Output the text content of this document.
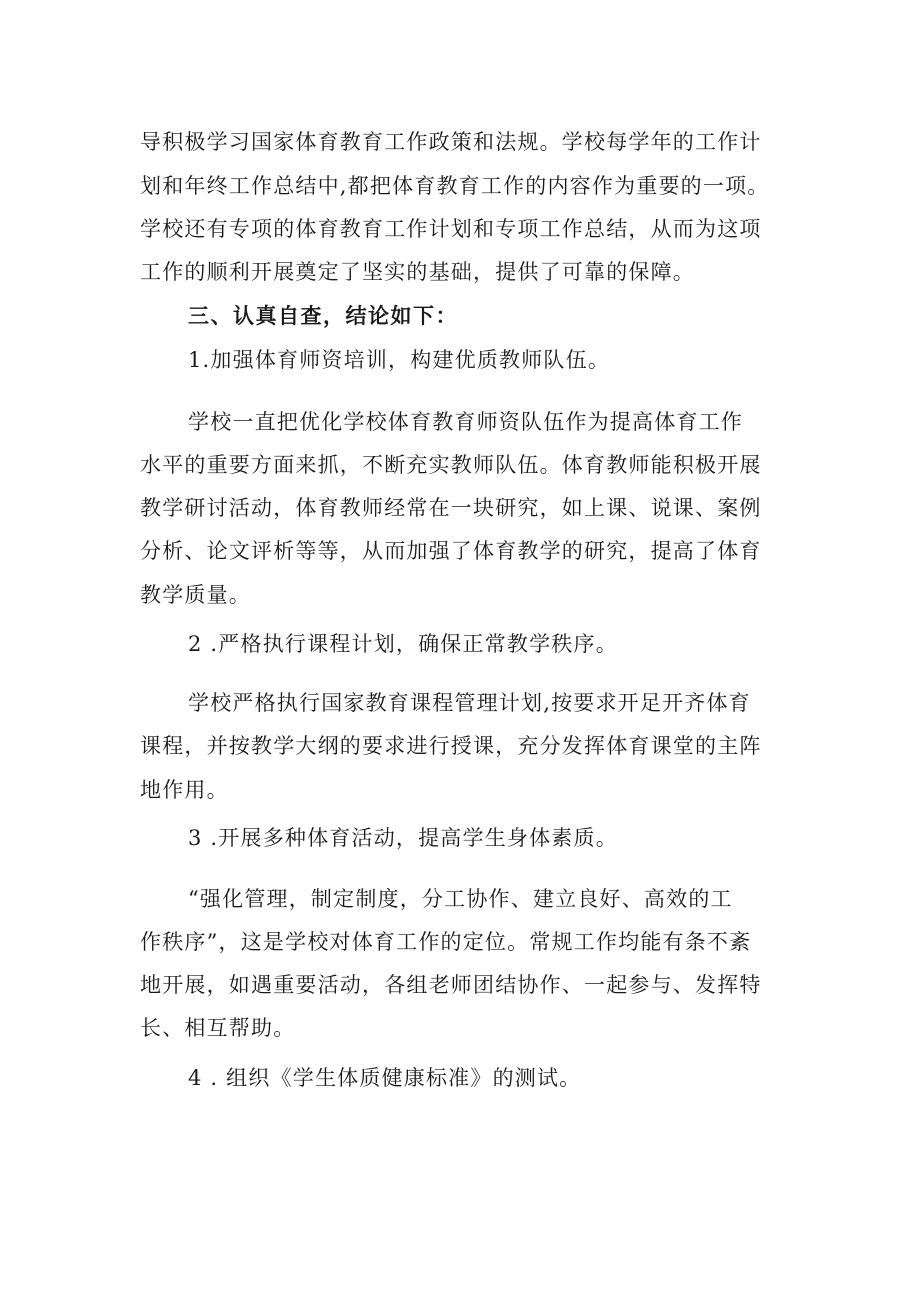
导积极学习国家体育教育工作政策和法规。学校每学年的工作计
划和年终工作总结中,都把体育教育工作的内容作为重要的一项。
学校还有专项的体育教育工作计划和专项工作总结，从而为这项
工作的顺利开展奠定了坚实的基础，提供了可靠的保障。
三、认真自查，结论如下：
1.加强体育师资培训，构建优质教师队伍。
学校一直把优化学校体育教育师资队伍作为提高体育工作
水平的重要方面来抓，不断充实教师队伍。体育教师能积极开展
教学研讨活动，体育教师经常在一块研究，如上课、说课、案例
分析、论文评析等等，从而加强了体育教学的研究，提高了体育
教学质量。
2 .严格执行课程计划，确保正常教学秩序。
学校严格执行国家教育课程管理计划,按要求开足开齐体育
课程，并按教学大纲的要求进行授课，充分发挥体育课堂的主阵
地作用。
3 .开展多种体育活动，提高学生身体素质。
“强化管理，制定制度，分工协作、建立良好、高效的工
作秩序”，这是学校对体育工作的定位。常规工作均能有条不紊
地开展，如遇重要活动，各组老师团结协作、一起参与、发挥特
长、相互帮助。
4 . 组织《学生体质健康标准》的测试。
